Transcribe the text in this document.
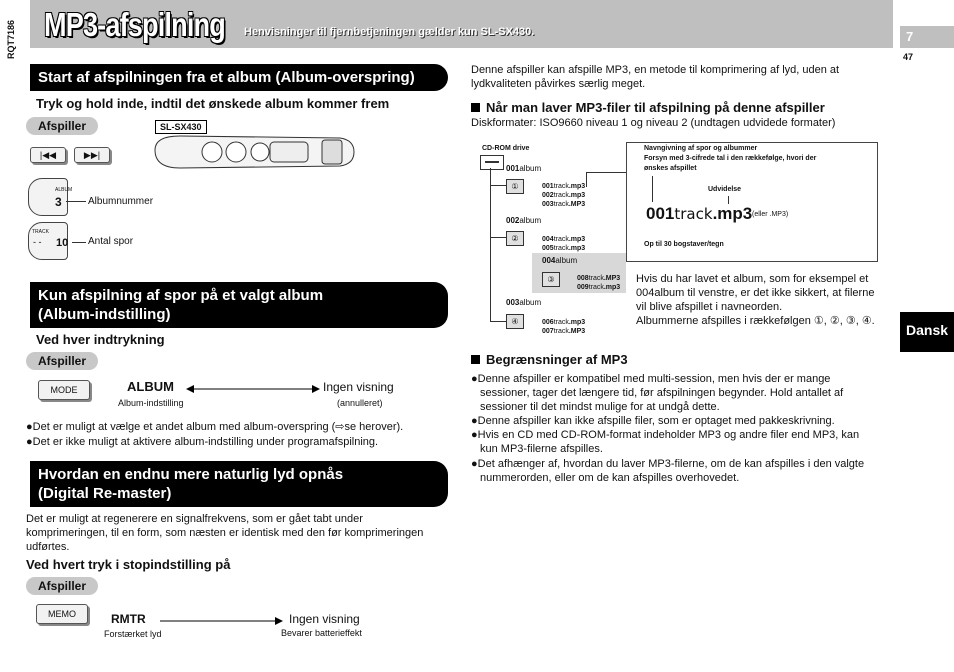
MP3-afspilning Henvisninger til fjernbetjeningen gælder kun SL-SX430.
RQT7186	7
47
Dansk
Start af afspilningen fra et album (Album-overspring)
Tryk og hold inde, indtil det ønskede album kommer frem
Afspiller	SL-SX430
|◀◀	▶▶|
ALBUM
3	Albumnummer
TRACK
- - 10 Antal spor
Kun afspilning af spor på et valgt album
(Album-indstilling)
Ved hver indtrykning
Afspiller
MODE	ALBUM
Album-indstilling
Ingen visning
(annulleret)
●Det er muligt at vælge et andet album med album-overspring (⇨se herover).
●Det er ikke muligt at aktivere album-indstilling under programafspilning.
Hvordan en endnu mere naturlig lyd opnås
(Digital Re-master)
Det er muligt at regenerere en signalfrekvens, som er gået tabt under
komprimeringen, til en form, som næsten er identisk med den før komprimeringen
udførtes.
Ved hvert tryk i stopindstilling på
Afspiller
MEMO	RMTR
Forstærket lyd
Ingen visning
Bevarer batterieffekt
Denne afspiller kan afspille MP3, en metode til komprimering af lyd, uden at
lydkvaliteten påvirkes særlig meget.
Når man laver MP3-filer til afspilning på denne afspiller
Diskformater: ISO9660 niveau 1 og niveau 2 (undtagen udvidede formater)
CD-ROM drive
001album
①	001track.mp3
002track.mp3
003track.MP3
002album
②	004track.mp3
005track.mp3
004album
③	008track.MP3
009track.mp3
003album
④	006track.mp3
007track.MP3
Navngivning af spor og albummer
Forsyn med 3-cifrede tal i den rækkefølge, hvori der
ønskes afspillet
Udvidelse
001track.mp3 (eller .MP3)
Op til 30 bogstaver/tegn
Hvis du har lavet et album, som for eksempel et
004album til venstre, er det ikke sikkert, at filerne
vil blive afspillet i navneorden.
Albummerne afspilles i rækkefølgen ①, ②, ③, ④.
Begrænsninger af MP3
●Denne afspiller er kompatibel med multi-session, men hvis der er mange
sessioner, tager det længere tid, før afspilningen begynder. Hold antallet af
sessioner til det mindst mulige for at undgå dette.
●Denne afspiller kan ikke afspille filer, som er optaget med pakkeskrivning.
●Hvis en CD med CD-ROM-format indeholder MP3 og andre filer end MP3, kan
kun MP3-filerne afspilles.
●Det afhænger af, hvordan du laver MP3-filerne, om de kan afspilles i den valgte
nummerorden, eller om de kan afspilles overhovedet.
